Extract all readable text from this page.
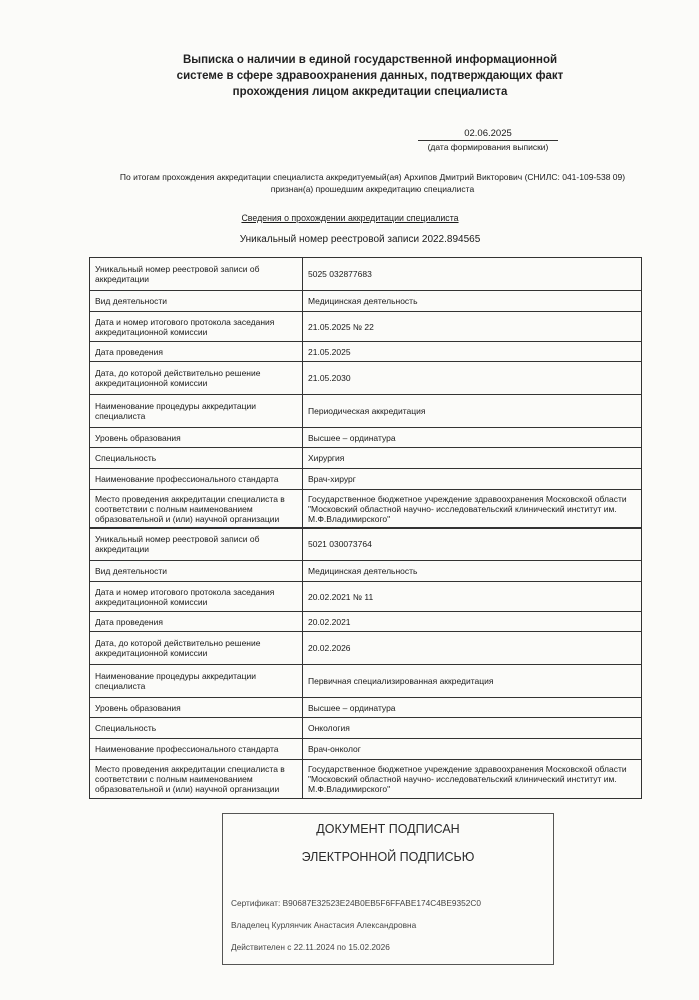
Выписка о наличии в единой государственной информационной
системе в сфере здравоохранения данных, подтверждающих факт
прохождения лицом аккредитации специалиста
02.06.2025
(дата формирования выписки)
По итогам прохождения аккредитации специалиста аккредитуемый(ая) Архипов Дмитрий Викторович (СНИЛС: 041-109-538 09)
признан(а) прошедшим аккредитацию специалиста
Сведения о прохождении аккредитации специалиста
Уникальный номер реестровой записи 2022.894565
Уникальный номер реестровой записи об аккредитации	5025 032877683
Вид деятельности	Медицинская деятельность
Дата и номер итогового протокола заседания аккредитационной комиссии	21.05.2025 № 22
Дата проведения	21.05.2025
Дата, до которой действительно решение аккредитационной комиссии	21.05.2030
Наименование процедуры аккредитации специалиста	Периодическая аккредитация
Уровень образования	Высшее – ординатура
Специальность	Хирургия
Наименование профессионального стандарта	Врач-хирург
Место проведения аккредитации специалиста в соответствии с полным наименованием образовательной и (или) научной организации	Государственное бюджетное учреждение здравоохранения Московской области "Московский областной научно- исследовательский клинический институт им. М.Ф.Владимирского"
Уникальный номер реестровой записи об аккредитации	5021 030073764
Вид деятельности	Медицинская деятельность
Дата и номер итогового протокола заседания аккредитационной комиссии	20.02.2021 № 11
Дата проведения	20.02.2021
Дата, до которой действительно решение аккредитационной комиссии	20.02.2026
Наименование процедуры аккредитации специалиста	Первичная специализированная аккредитация
Уровень образования	Высшее – ординатура
Специальность	Онкология
Наименование профессионального стандарта	Врач-онколог
Место проведения аккредитации специалиста в соответствии с полным наименованием образовательной и (или) научной организации	Государственное бюджетное учреждение здравоохранения Московской области "Московский областной научно- исследовательский клинический институт им. М.Ф.Владимирского"
ДОКУМЕНТ ПОДПИСАН
ЭЛЕКТРОННОЙ ПОДПИСЬЮ
Сертификат: B90687E32523E24B0EB5F6FFABE174C4BE9352C0
Владелец Курлянчик Анастасия Александровна
Действителен с 22.11.2024 по 15.02.2026
